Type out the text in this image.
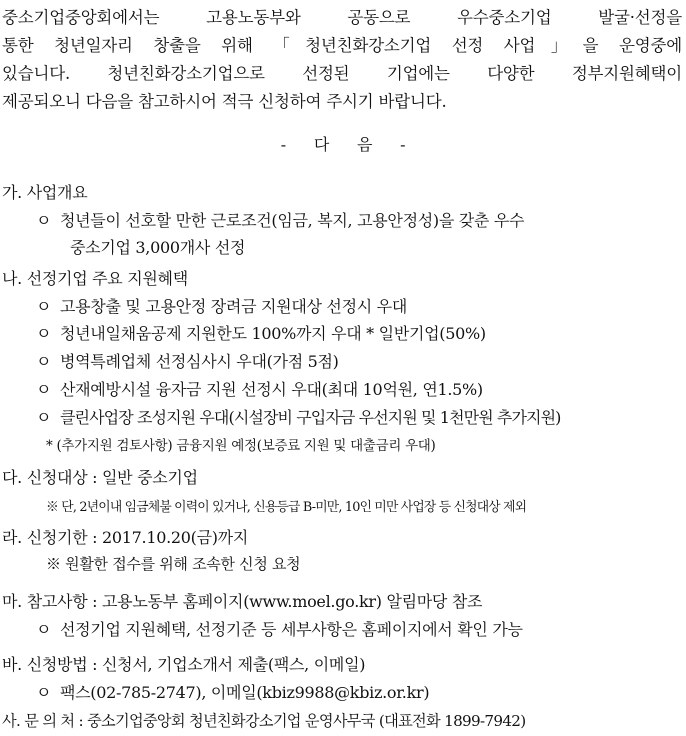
중소기업중앙회에서는 고용노동부와 공동으로 우수중소기업 발굴·선정을
통한 청년일자리 창출을 위해 「청년친화강소기업 선정 사업」을 운영중에
있습니다. 청년친화강소기업으로 선정된 기업에는 다양한 정부지원혜택이
제공되오니 다음을 참고하시어 적극 신청하여 주시기 바랍니다.
- 다 음 -
가. 사업개요
ㅇ 청년들이 선호할 만한 근로조건(임금, 복지, 고용안정성)을 갖춘 우수
중소기업 3,000개사 선정
나. 선정기업 주요 지원혜택
ㅇ 고용창출 및 고용안정 장려금 지원대상 선정시 우대
ㅇ 청년내일채움공제 지원한도 100%까지 우대 * 일반기업(50%)
ㅇ 병역특례업체 선정심사시 우대(가점 5점)
ㅇ 산재예방시설 융자금 지원 선정시 우대(최대 10억원, 연1.5%)
ㅇ 클린사업장 조성지원 우대(시설장비 구입자금 우선지원 및 1천만원 추가지원)
* (추가지원 검토사항) 금융지원 예정(보증료 지원 및 대출금리 우대)
다. 신청대상 : 일반 중소기업
※ 단, 2년이내 임금체불 이력이 있거나, 신용등급 B-미만, 10인 미만 사업장 등 신청대상 제외
라. 신청기한 : 2017.10.20(금)까지
※ 원활한 접수를 위해 조속한 신청 요청
마. 참고사항 : 고용노동부 홈페이지(www.moel.go.kr) 알림마당 참조
ㅇ 선정기업 지원혜택, 선정기준 등 세부사항은 홈페이지에서 확인 가능
바. 신청방법 : 신청서, 기업소개서 제출(팩스, 이메일)
ㅇ 팩스(02-785-2747), 이메일(kbiz9988@kbiz.or.kr)
사. 문 의 처 : 중소기업중앙회 청년친화강소기업 운영사무국 (대표전화 1899-7942)
